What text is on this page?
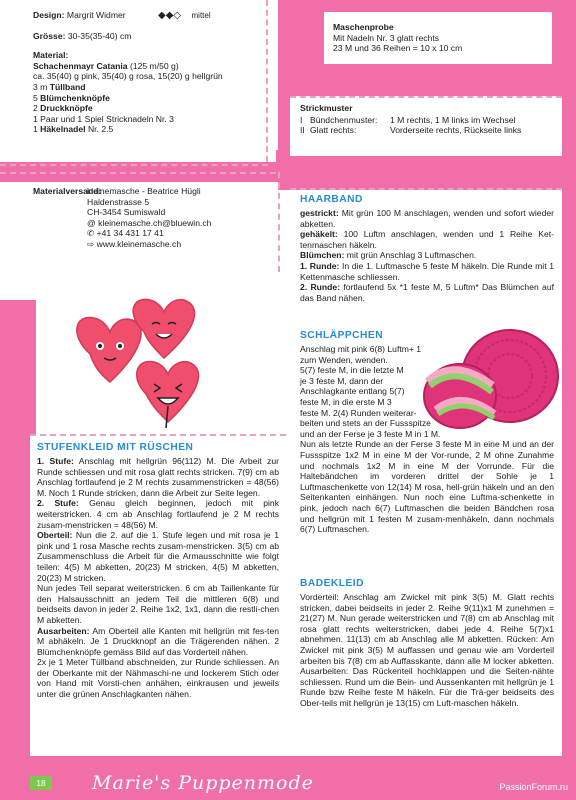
Design: Margrit Widmer	◆◆◇ mittel
Grösse: 30-35(35-40) cm
Material:
Schachenmayr Catania (125 m/50 g)
ca. 35(40) g pink, 35(40) g rosa, 15(20) g hellgrün
3 m Tüllband
5 Blümchenknöpfe
2 Druckknöpfe
1 Paar und 1 Spiel Stricknadeln Nr. 3
1 Häkelnadel Nr. 2.5
Maschenprobe
Mit Nadeln Nr. 3 glatt rechts
23 M und 36 Reihen = 10 x 10 cm
Strickmuster
I Bündchenmuster: 1 M rechts, 1 M links im Wechsel
II Glatt rechts:	Vorderseite rechts, Rückseite links
Materialversand:
kleinemasche - Beatrice Hügli
Haldenstrasse 5
CH-3454 Sumiswald
@ kleinemasche.ch@bluewin.ch
✆ +41 34 431 17 41
⇨ www.kleinemasche.ch
HAARBAND

gestrickt: Mit grün 100 M anschlagen, wenden und sofort wieder abketten.

gehäkelt: 100 Luftm anschlagen, wenden und 1 Reihe Ket-tenmaschen häkeln.

Blümchen: mit grün Anschlag 3 Luftmaschen.

1. Runde: In die 1. Luftmasche 5 feste M häkeln. Die Runde mit 1 Kettenmasche schliessen.

2. Runde: fortlaufend 5x *1 feste M, 5 Luftm* Das Blümchen auf das Band nähen.

SCHLÄPPCHEN
Anschlag mit pink 6(8) Luftm+ 1
zum Wenden, wenden.
5(7) feste M, in die letzte M
je 3 feste M, dann der
Anschlagkante entlang 5(7)
feste M, in die erste M 3
feste M. 2(4) Runden weiterar-
beiten und stets an der Fussspitze
und an der Ferse je 3 feste M in 1 M.

Nun als letzte Runde an der Ferse 3 feste M in eine M und an der Fussspitze 1x2 M in eine M der Vor-runde, 2 M ohne Zunahme und nochmals 1x2 M in eine M der Vorrunde. Für die Haltebändchen im vorderen drittel der Sohle je 1 Luftmaschenkette von 12(14) M rosa, hell-grün häkeln und an den Seitenkanten einhängen. Nun noch eine Luftma-schenkette in pink, jedoch nach 6(7) Luftmaschen die beiden Bändchen rosa und hellgrün mit 1 festen M zusam-menhäkeln, dann nochmals 6(7) Luftmaschen.

BADEKLEID

Vorderteil: Anschlag am Zwickel mit pink 3(5) M. Glatt rechts stricken, dabei beidseits in jeder 2. Reihe 9(11)x1 M zunehmen = 21(27) M. Nun gerade weiterstricken und 7(8) cm ab Anschlag mit rosa glatt rechts weiterstricken, dabei jede 4. Reihe 5(7)x1 abnehmen. 11(13) cm ab Anschlag alle M abketten. Rücken: Am Zwickel mit pink 3(5) M auffassen und genau wie am Vorderteil arbeiten bis 7(8) cm ab Auffasskante, dann alle M locker abketten. Ausarbeiten: Das Rückenteil hochklappen und die Seiten-nähte schliessen. Rund um die Bein- und Aussenkanten mit hellgrün je 1 Runde bzw Reihe feste M häkeln. Für die Trä-ger beidseits des Ober-teils mit hellgrün je 13(15) cm Luft-maschen häkeln.

STUFENKLEID MIT RÜSCHEN

1. Stufe: Anschlag mit hellgrün 96(112) M. Die Arbeit zur Runde schliessen und mit rosa glatt rechts stricken. 7(9) cm ab Anschlag fortlaufend je 2 M rechts zusammenstricken = 48(56) M. Noch 1 Runde stricken, dann die Arbeit zur Seite legen.

2. Stufe: Genau gleich beginnen, jedoch mit pink weiterstricken. 4 cm ab Anschlag fortlaufend je 2 M rechts zusam-menstricken = 48(56) M.

Oberteil: Nun die 2. auf die 1. Stufe legen und mit rosa je 1 pink und 1 rosa Masche rechts zusam-menstricken. 3(5) cm ab Zusammenschluss die Arbeit für die Armausschnitte wie folgt teilen: 4(5) M abketten, 20(23) M stricken, 4(5) M abketten, 20(23) M stricken.

Nun jedes Teil separat weiterstricken. 6 cm ab Taillenkante für den Halsausschnitt an jedem Teil die mittleren 6(8) und beidseits davon in jeder 2. Reihe 1x2, 1x1, dann die restli-chen M abketten.

Ausarbeiten: Am Oberteil alle Kanten mit hellgrün mit fes-ten M abhäkeln. Je 1 Druckknopf an die Trägerenden nähen. 2 Blümchenknöpfe gemäss Bild auf das Vorderteil nähen.

2x je 1 Meter Tüllband abschneiden, zur Runde schliessen. An der Oberkante mit der Nähmaschi-ne und lockerem Stich oder von Hand mit Vorsti-chen anhähen, einkrausen und jeweils unter die grünen Anschlagkanten nähen.

18	Marie's Puppenmode	PassionForum.ru
